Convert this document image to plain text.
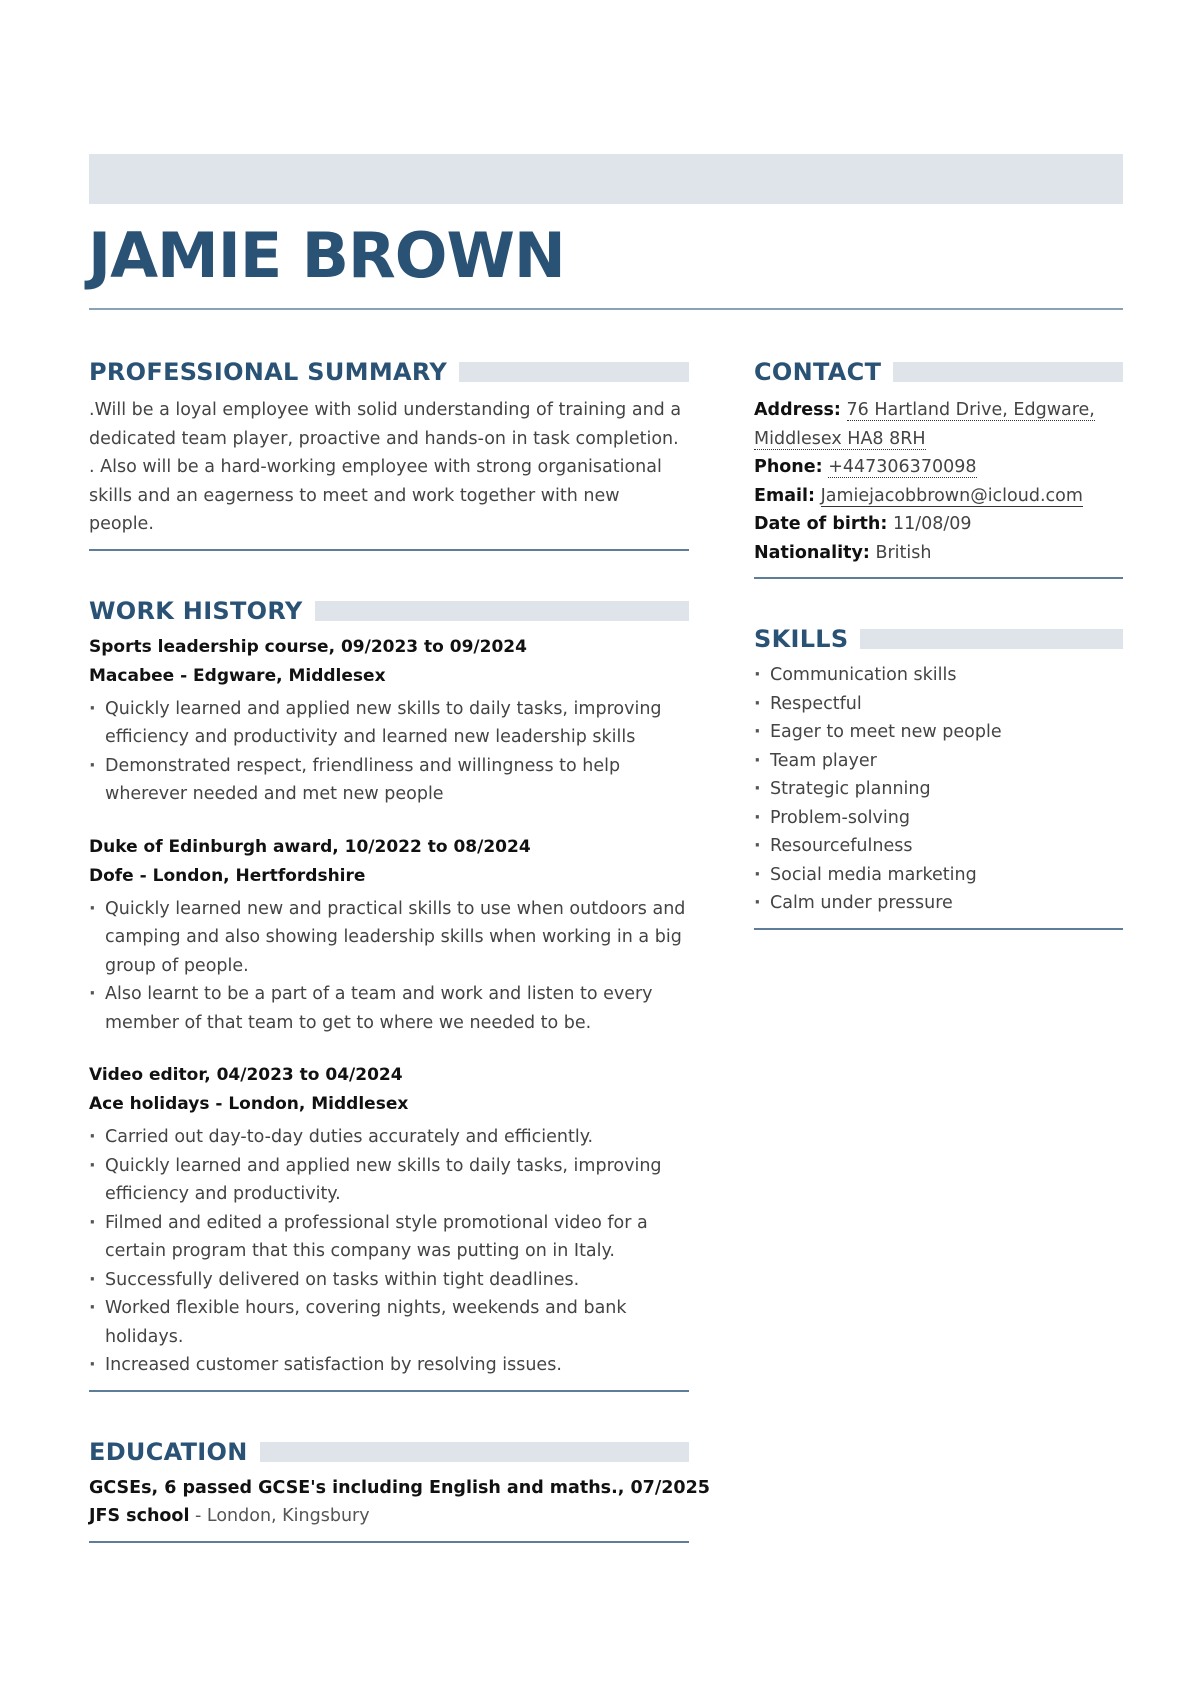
JAMIE BROWN
PROFESSIONAL SUMMARY
.Will be a loyal employee with solid understanding of training and a dedicated team player, proactive and hands-on in task completion. . Also will be a hard-working employee with strong organisational skills and an eagerness to meet and work together with new people.
WORK HISTORY
Sports leadership course, 09/2023 to 09/2024
Macabee - Edgware, Middlesex
· Quickly learned and applied new skills to daily tasks, improving efficiency and productivity and learned new leadership skills
· Demonstrated respect, friendliness and willingness to help wherever needed and met new people
Duke of Edinburgh award, 10/2022 to 08/2024
Dofe - London, Hertfordshire
· Quickly learned new and practical skills to use when outdoors and camping and also showing leadership skills when working in a big group of people.
· Also learnt to be a part of a team and work and listen to every member of that team to get to where we needed to be.
Video editor, 04/2023 to 04/2024
Ace holidays - London, Middlesex
· Carried out day-to-day duties accurately and efficiently.
· Quickly learned and applied new skills to daily tasks, improving efficiency and productivity.
· Filmed and edited a professional style promotional video for a certain program that this company was putting on in Italy.
· Successfully delivered on tasks within tight deadlines.
· Worked flexible hours, covering nights, weekends and bank holidays.
· Increased customer satisfaction by resolving issues.
EDUCATION
GCSEs, 6 passed GCSE's including English and maths., 07/2025
JFS school - London, Kingsbury
CONTACT
Address: 76 Hartland Drive, Edgware,
Middlesex HA8 8RH
Phone: +447306370098
Email: Jamiejacobbrown@icloud.com
Date of birth: 11/08/09
Nationality: British
SKILLS
· Communication skills
· Respectful
· Eager to meet new people
· Team player
· Strategic planning
· Problem-solving
· Resourcefulness
· Social media marketing
· Calm under pressure
